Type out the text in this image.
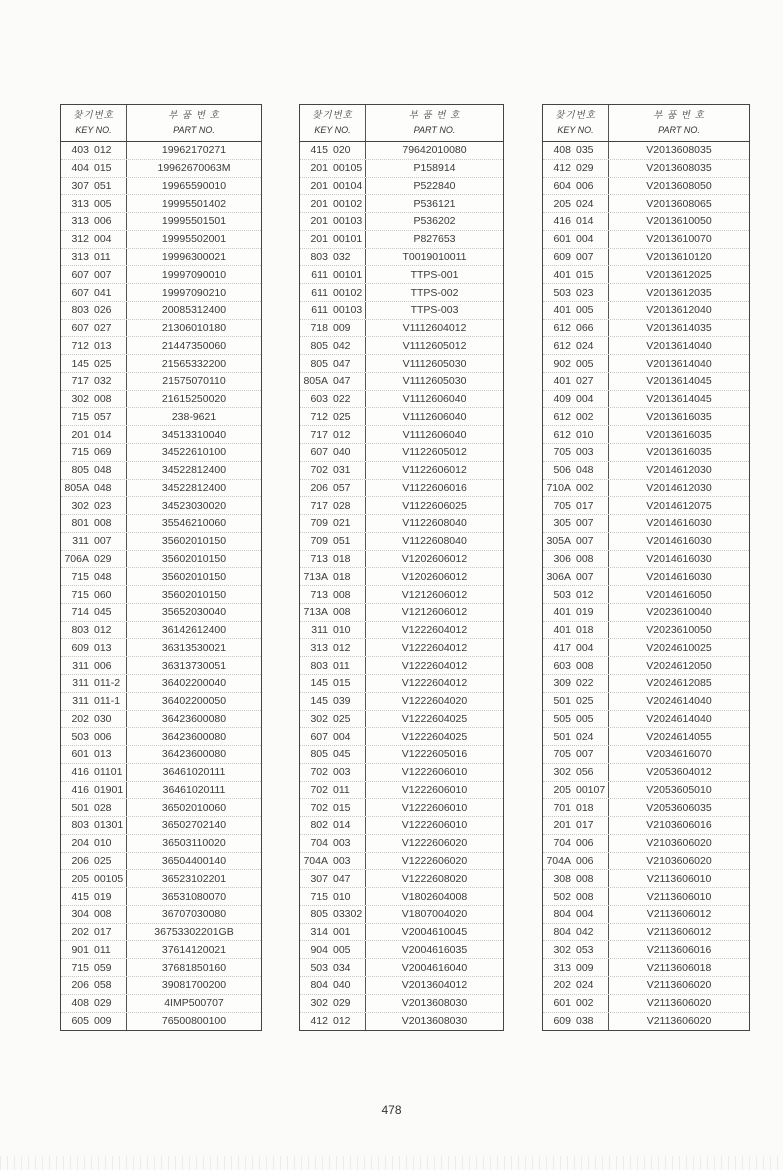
찾기번호
KEY NO.
부 품 번 호
PART NO.
403 012	19962170271
404 015	19962670063M
307 051	19965590010
313 005	19995501402
313 006	19995501501
312 004	19995502001
313 011	19996300021
607 007	19997090010
607 041	19997090210
803 026	20085312400
607 027	21306010180
712 013	21447350060
145 025	21565332200
717 032	21575070110
302 008	21615250020
715 057	238-9621
201 014	34513310040
715 069	34522610100
805 048	34522812400
805A 048	34522812400
302 023	34523030020
801 008	35546210060
311 007	35602010150
706A 029	35602010150
715 048	35602010150
715 060	35602010150
714 045	35652030040
803 012	36142612400
609 013	36313530021
311 006	36313730051
311 011-2	36402200040
311 011-1	36402200050
202 030	36423600080
503 006	36423600080
601 013	36423600080
416 01101	36461020111
416 01901	36461020111
501 028	36502010060
803 01301	36502702140
204 010	36503110020
206 025	36504400140
205 00105	36523102201
415 019	36531080070
304 008	36707030080
202 017	36753302201GB
901 011	37614120021
715 059	37681850160
206 058	39081700200
408 029	4IMP500707
605 009	76500800100
찾기번호
KEY NO.
부 품 번 호
PART NO.
415 020	79642010080
201 00105	P158914
201 00104	P522840
201 00102	P536121
201 00103	P536202
201 00101	P827653
803 032	T0019010011
611 00101	TTPS-001
611 00102	TTPS-002
611 00103	TTPS-003
718 009	V1112604012
805 042	V1112605012
805 047	V1112605030
805A 047	V1112605030
603 022	V1112606040
712 025	V1112606040
717 012	V1112606040
607 040	V1122605012
702 031	V1122606012
206 057	V1122606016
717 028	V1122606025
709 021	V1122608040
709 051	V1122608040
713 018	V1202606012
713A 018	V1202606012
713 008	V1212606012
713A 008	V1212606012
311 010	V1222604012
313 012	V1222604012
803 011	V1222604012
145 015	V1222604012
145 039	V1222604020
302 025	V1222604025
607 004	V1222604025
805 045	V1222605016
702 003	V1222606010
702 011	V1222606010
702 015	V1222606010
802 014	V1222606010
704 003	V1222606020
704A 003	V1222606020
307 047	V1222608020
715 010	V1802604008
805 03302	V1807004020
314 001	V2004610045
904 005	V2004616035
503 034	V2004616040
804 040	V2013604012
302 029	V2013608030
412 012	V2013608030
찾기번호
KEY NO.
부 품 번 호
PART NO.
408 035	V2013608035
412 029	V2013608035
604 006	V2013608050
205 024	V2013608065
416 014	V2013610050
601 004	V2013610070
609 007	V2013610120
401 015	V2013612025
503 023	V2013612035
401 005	V2013612040
612 066	V2013614035
612 024	V2013614040
902 005	V2013614040
401 027	V2013614045
409 004	V2013614045
612 002	V2013616035
612 010	V2013616035
705 003	V2013616035
506 048	V2014612030
710A 002	V2014612030
705 017	V2014612075
305 007	V2014616030
305A 007	V2014616030
306 008	V2014616030
306A 007	V2014616030
503 012	V2014616050
401 019	V2023610040
401 018	V2023610050
417 004	V2024610025
603 008	V2024612050
309 022	V2024612085
501 025	V2024614040
505 005	V2024614040
501 024	V2024614055
705 007	V2034616070
302 056	V2053604012
205 00107	V2053605010
701 018	V2053606035
201 017	V2103606016
704 006	V2103606020
704A 006	V2103606020
308 008	V2113606010
502 008	V2113606010
804 004	V2113606012
804 042	V2113606012
302 053	V2113606016
313 009	V2113606018
202 024	V2113606020
601 002	V2113606020
609 038	V2113606020
478
